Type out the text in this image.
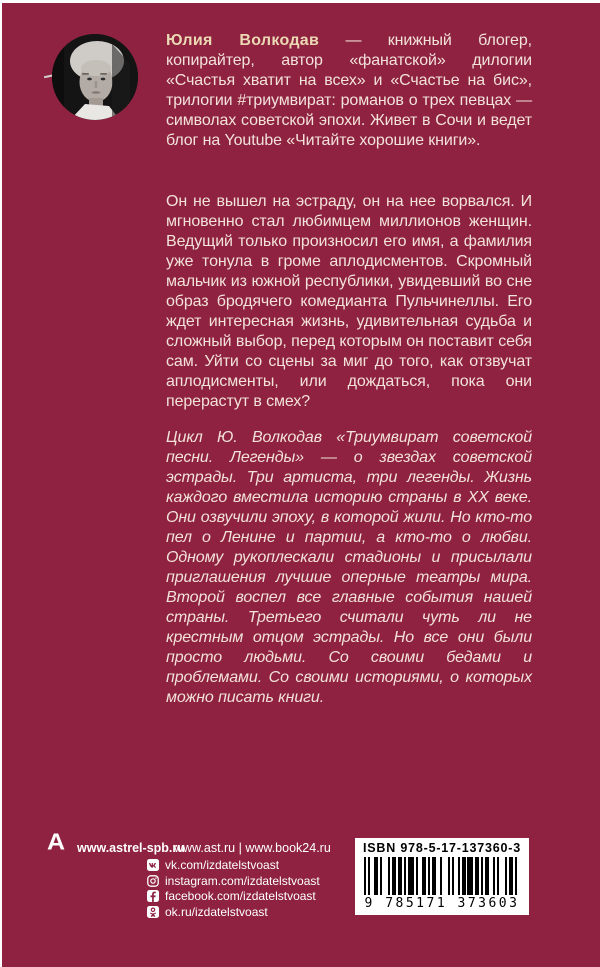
Юлия Волкодав — книжный блогер, копирайтер, автор «фанатской» дилогии «Счастья хватит на всех» и «Счастье на бис», трилогии #триумвират: романов о трех певцах — символах советской эпохи. Живет в Сочи и ведет блог на Youtube «Читайте хорошие книги».

Он не вышел на эстраду, он на нее ворвался. И мгновенно стал любимцем миллионов женщин. Ведущий только произносил его имя, а фамилия уже тонула в громе аплодисментов. Скромный мальчик из южной республики, увидевший во сне образ бродячего комедианта Пульчинеллы. Его ждет интересная жизнь, удивительная судьба и сложный выбор, перед которым он поставит себя сам. Уйти со сцены за миг до того, как отзвучат аплодисменты, или дождаться, пока они перерастут в смех?

Цикл Ю. Волкодав «Триумвират советской песни. Легенды» — о звездах советской эстрады. Три артиста, три легенды. Жизнь каждого вместила историю страны в XX веке. Они озвучили эпоху, в которой жили. Но кто-то пел о Ленине и партии, а кто-то о любви. Одному рукоплескали стадионы и присылали приглашения лучшие оперные театры мира. Второй воспел все главные события нашей страны. Третьего считали чуть ли не крестным отцом эстрады. Но все они были просто людьми. Со своими бедами и проблемами. Со своими историями, о которых можно писать книги.

А www.astrel-spb.ru
www.ast.ru | www.book24.ru
vk.com/izdatelstvoast
instagram.com/izdatelstvoast
facebook.com/izdatelstvoast
ok.ru/izdatelstvoast
ISBN 978-5-17-137360-3
9 785171 373603
